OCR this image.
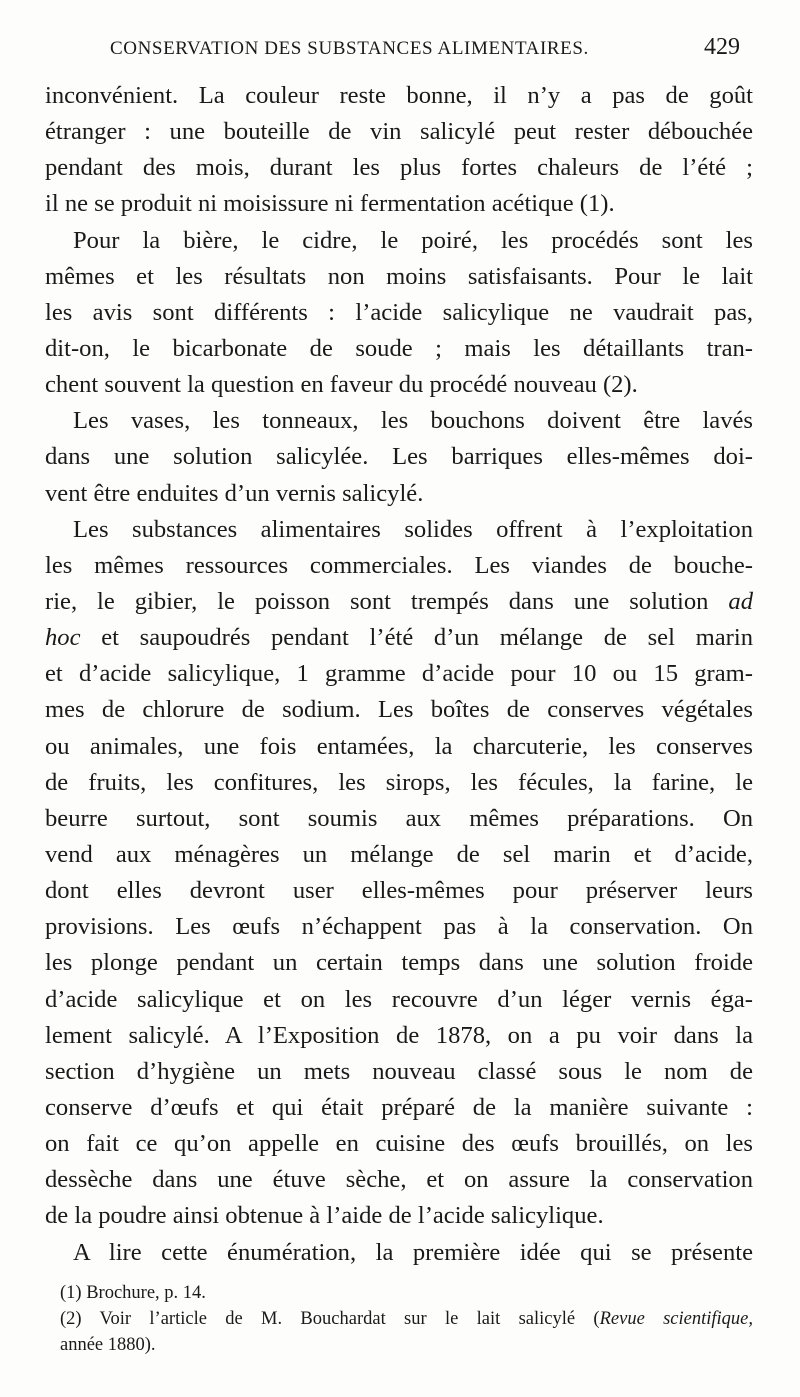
CONSERVATION DES SUBSTANCES ALIMENTAIRES.	429
inconvénient. La couleur reste bonne, il n’y a pas de goût
étranger : une bouteille de vin salicylé peut rester débouchée
pendant des mois, durant les plus fortes chaleurs de l’été ;
il ne se produit ni moisissure ni fermentation acétique (1).
Pour la bière, le cidre, le poiré, les procédés sont les
mêmes et les résultats non moins satisfaisants. Pour le lait
les avis sont différents : l’acide salicylique ne vaudrait pas,
dit-on, le bicarbonate de soude ; mais les détaillants tran-
chent souvent la question en faveur du procédé nouveau (2).
Les vases, les tonneaux, les bouchons doivent être lavés
dans une solution salicylée. Les barriques elles-mêmes doi-
vent être enduites d’un vernis salicylé.
Les substances alimentaires solides offrent à l’exploitation
les mêmes ressources commerciales. Les viandes de bouche-
rie, le gibier, le poisson sont trempés dans une solution ad
hoc et saupoudrés pendant l’été d’un mélange de sel marin
et d’acide salicylique, 1 gramme d’acide pour 10 ou 15 gram-
mes de chlorure de sodium. Les boîtes de conserves végétales
ou animales, une fois entamées, la charcuterie, les conserves
de fruits, les confitures, les sirops, les fécules, la farine, le
beurre surtout, sont soumis aux mêmes préparations. On
vend aux ménagères un mélange de sel marin et d’acide,
dont elles devront user elles-mêmes pour préserver leurs
provisions. Les œufs n’échappent pas à la conservation. On
les plonge pendant un certain temps dans une solution froide
d’acide salicylique et on les recouvre d’un léger vernis éga-
lement salicylé. A l’Exposition de 1878, on a pu voir dans la
section d’hygiène un mets nouveau classé sous le nom de
conserve d’œufs et qui était préparé de la manière suivante :
on fait ce qu’on appelle en cuisine des œufs brouillés, on les
dessèche dans une étuve sèche, et on assure la conservation
de la poudre ainsi obtenue à l’aide de l’acide salicylique.
A lire cette énumération, la première idée qui se présente
(1) Brochure, p. 14.
(2) Voir l’article de M. Bouchardat sur le lait salicylé (Revue scientifique,
année 1880).
